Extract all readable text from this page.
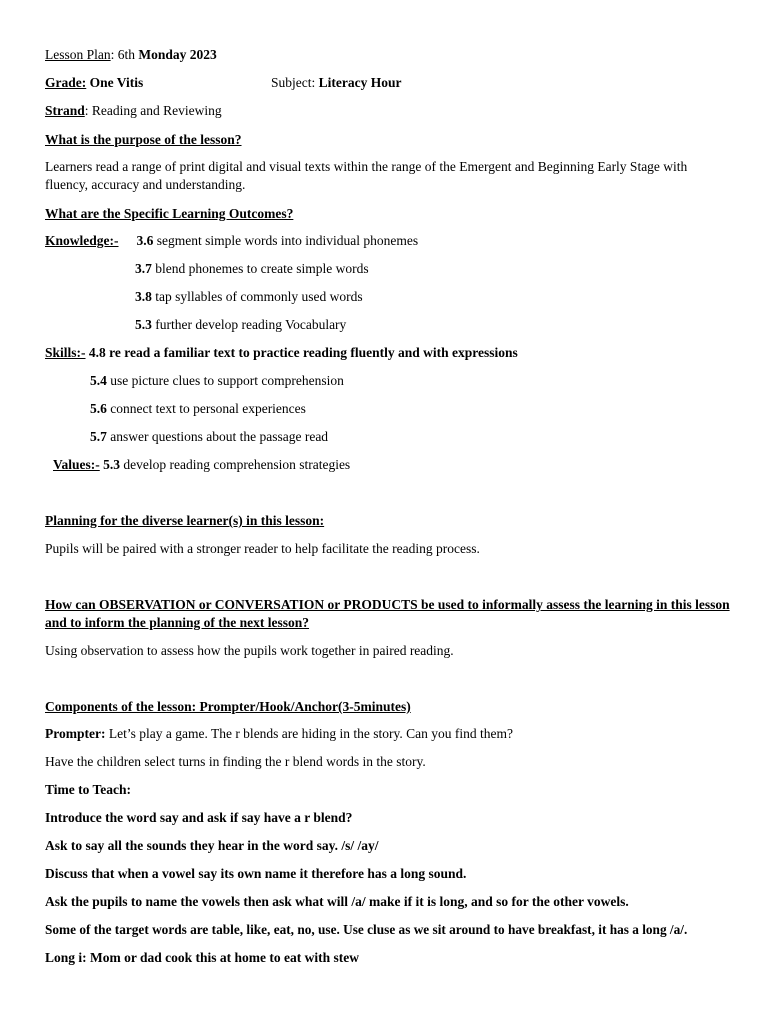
Lesson Plan: 6th Monday 2023
Grade: One Vitis	Subject: Literacy Hour
Strand: Reading and Reviewing
What is the purpose of the lesson?
Learners read a range of print digital and visual texts within the range of the Emergent and Beginning Early Stage with fluency, accuracy and understanding.
What are the Specific Learning Outcomes?
Knowledge:- 3.6 segment simple words into individual phonemes
3.7 blend phonemes to create simple words
3.8 tap syllables of commonly used words
5.3 further develop reading Vocabulary
Skills:- 4.8 re read a familiar text to practice reading fluently and with expressions
5.4 use picture clues to support comprehension
5.6 connect text to personal experiences
5.7 answer questions about the passage read
Values:- 5.3 develop reading comprehension strategies
Planning for the diverse learner(s) in this lesson:
Pupils will be paired with a stronger reader to help facilitate the reading process.
How can OBSERVATION or CONVERSATION or PRODUCTS be used to informally assess the learning in this lesson and to inform the planning of the next lesson?
Using observation to assess how the pupils work together in paired reading.
Components of the lesson: Prompter/Hook/Anchor(3-5minutes)
Prompter: Let’s play a game. The r blends are hiding in the story. Can you find them?
Have the children select turns in finding the r blend words in the story.
Time to Teach:
Introduce the word say and ask if say have a r blend?
Ask to say all the sounds they hear in the word say. /s/ /ay/
Discuss that when a vowel say its own name it therefore has a long sound.
Ask the pupils to name the vowels then ask what will /a/ make if it is long, and so for the other vowels.
Some of the target words are table, like, eat, no, use. Use cluse as we sit around to have breakfast, it has a long /a/.
Long i: Mom or dad cook this at home to eat with stew
